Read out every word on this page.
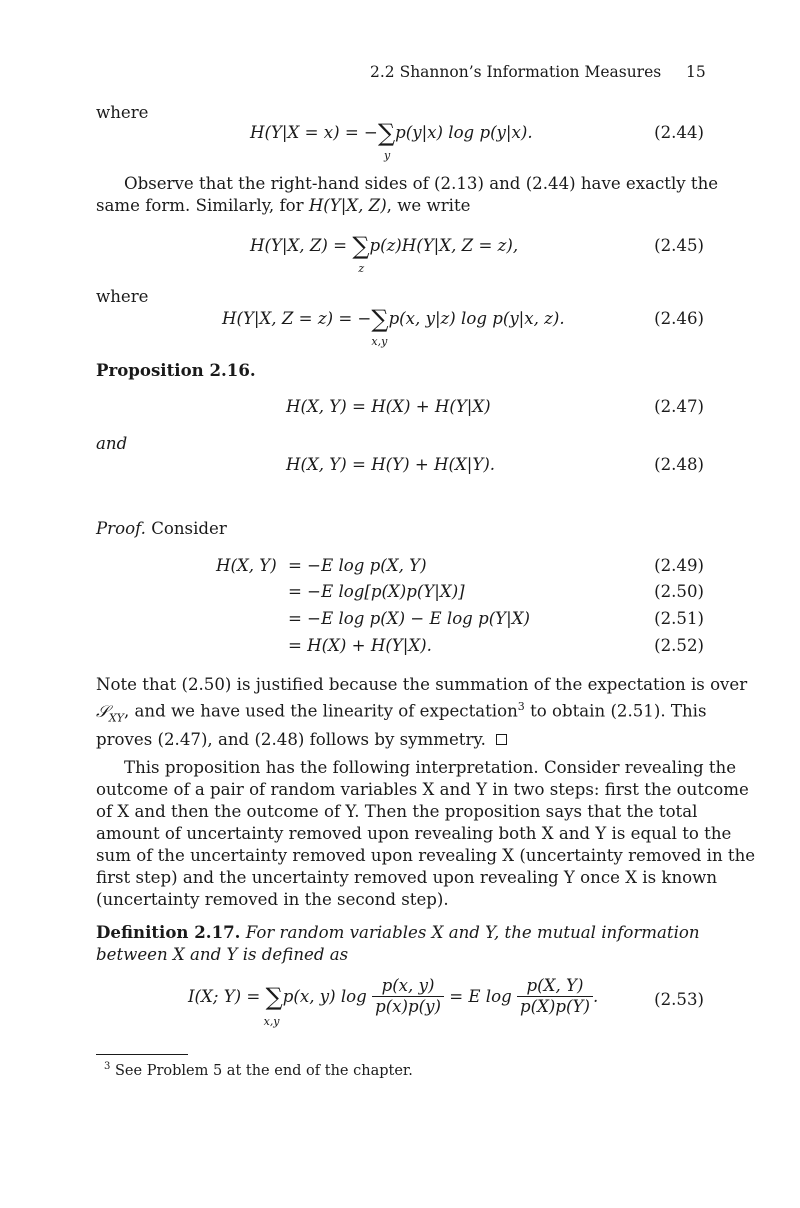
2.2 Shannon’s Information Measures 15
where
H(Y|X = x) = −∑
y
p(y|x) log p(y|x).	(2.44)
Observe that the right-hand sides of (2.13) and (2.44) have exactly the
same form. Similarly, for H(Y|X, Z), we write
H(Y|X, Z) = ∑
z
p(z)H(Y|X, Z = z),	(2.45)
where
H(Y|X, Z = z) = −∑
x,y
p(x, y|z) log p(y|x, z).	(2.46)
Proposition 2.16.
H(X, Y) = H(X) + H(Y|X)	(2.47)
and
H(X, Y) = H(Y) + H(X|Y).	(2.48)
Proof. Consider
H(X, Y) = −E log p(X, Y)	(2.49)
= −E log[p(X)p(Y|X)]	(2.50)
= −E log p(X) − E log p(Y|X)	(2.51)
= H(X) + H(Y|X).	(2.52)
Note that (2.50) is justified because the summation of the expectation is over
𝒮$_{XY}$, and we have used the linearity of expectation$^3$ to obtain (2.51). This
proves (2.47), and (2.48) follows by symmetry.
This proposition has the following interpretation. Consider revealing the
outcome of a pair of random variables X and Y in two steps: first the outcome
of X and then the outcome of Y. Then the proposition says that the total
amount of uncertainty removed upon revealing both X and Y is equal to the
sum of the uncertainty removed upon revealing X (uncertainty removed in the
first step) and the uncertainty removed upon revealing Y once X is known
(uncertainty removed in the second step).
Definition 2.17. For random variables X and Y, the mutual information
between X and Y is defined as
I(X; Y) = ∑
x,y
p(x, y) $\log \frac{p(x, y)}{p(x)p(y)} = E$ $\log \frac{p(X, Y)}{p(X)p(Y)}$ .	(2.53)
$^3$ See Problem 5 at the end of the chapter.
